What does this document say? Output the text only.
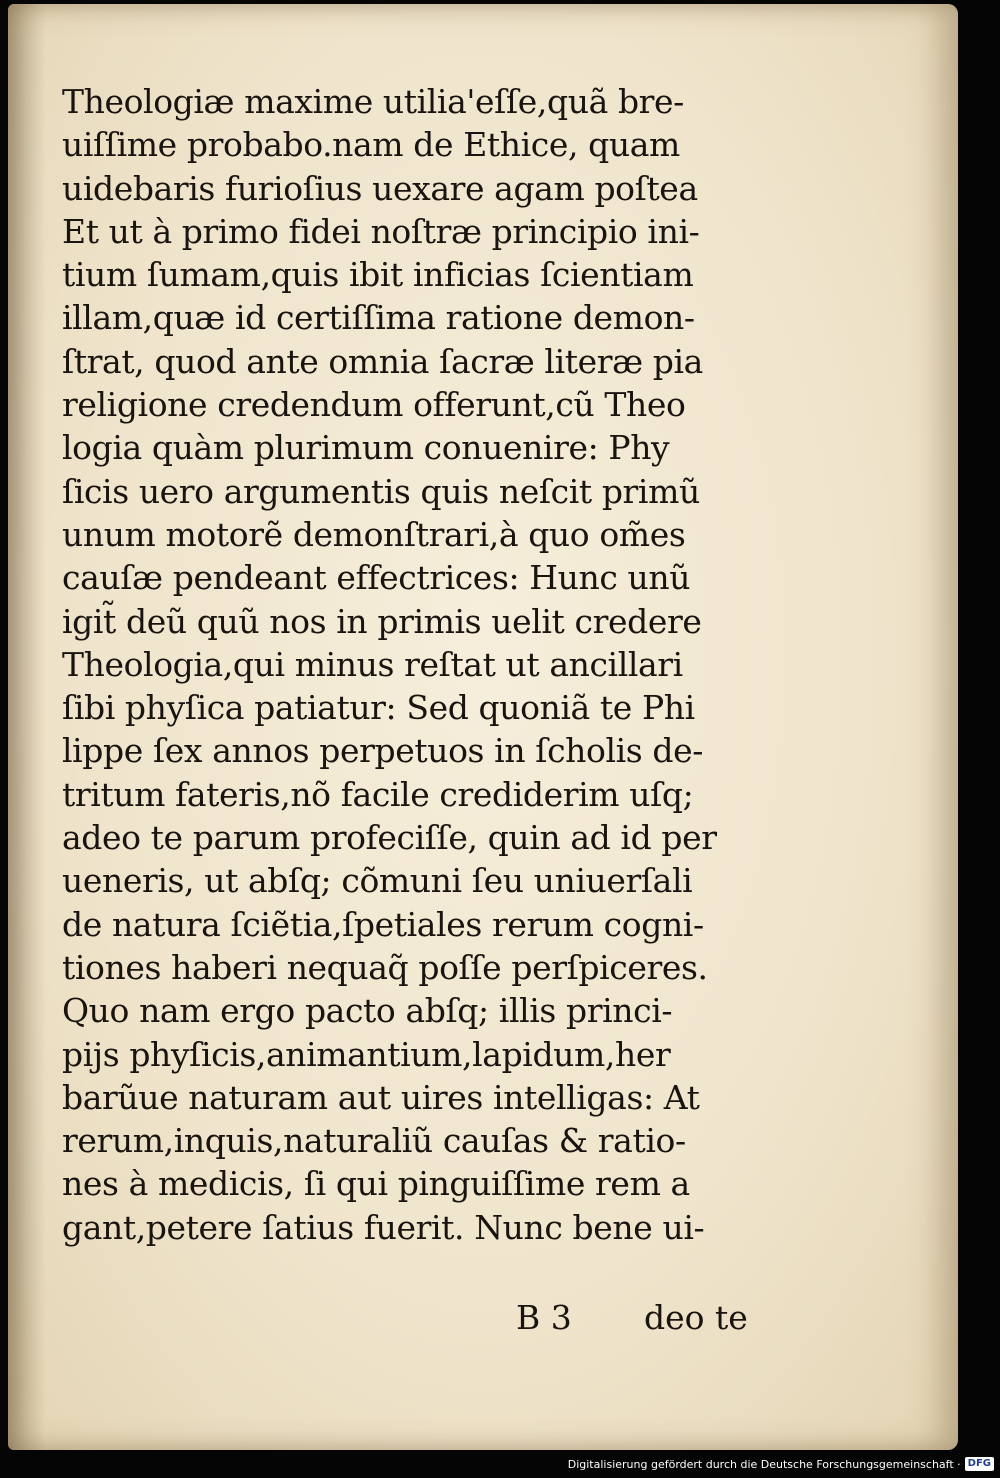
Theologiæ maxime utilia'eſſe,quã bre-
uiſſime probabo.nam de Ethice, quam
uidebaris furioſius uexare agam poſtea
Et ut à primo fidei noſtræ principio ini-
tium ſumam,quis ibit inficias ſcientiam
illam,quæ id certiſſima ratione demon-
ſtrat, quod ante omnia ſacræ literæ pia
religione credendum offerunt,cũ Theo
logia quàm plurimum conuenire: Phy
ſicis uero argumentis quis neſcit primũ
unum motorẽ demonſtrari,à quo om̃es
cauſæ pendeant effectrices: Hunc unũ
igit̃ deũ quũ nos in primis uelit credere
Theologia,qui minus reſtat ut ancillari
ſibi phyſica patiatur: Sed quoniã te Phi
lippe ſex annos perpetuos in ſcholis de-
tritum fateris,nõ facile crediderim uſq;
adeo te parum profeciſſe, quin ad id per
ueneris, ut abſq; cõmuni ſeu uniuerſali
de natura ſciẽtia,ſpetiales rerum cogni-
tiones haberi nequaq̃ poſſe perſpiceres.
Quo nam ergo pacto abſq; illis princi-
pijs phyſicis,animantium,lapidum,her
barũue naturam aut uires intelligas: At
rerum,inquis,naturaliũ cauſas & ratio-
nes à medicis, ſi qui pinguiſſime rem a
gant,petere ſatius fuerit. Nunc bene ui-
B 3 deo te
Digitalisierung gefördert durch die Deutsche Forschungsgemeinschaft · DFG
